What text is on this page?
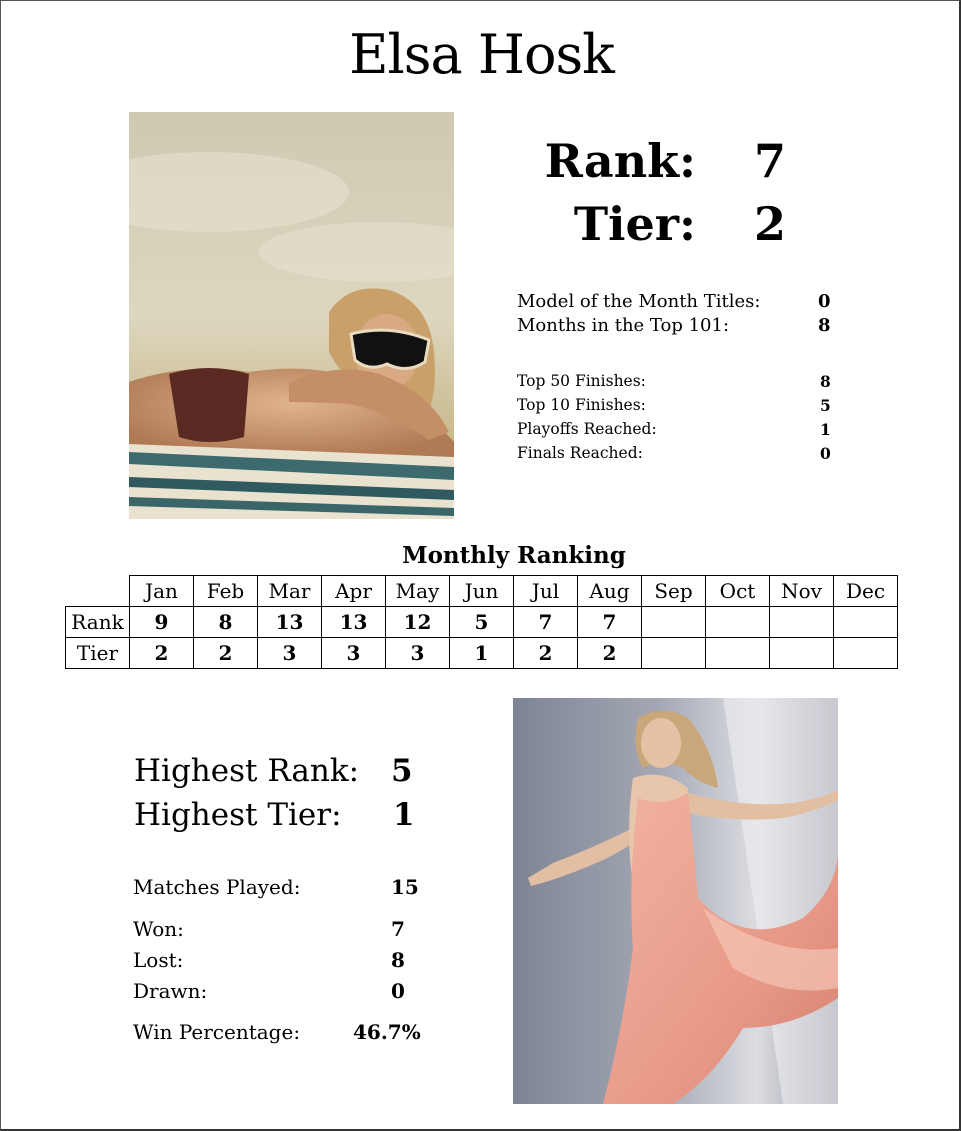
Elsa Hosk
Rank: 7
Tier: 2
Model of the Month Titles:	0
Months in the Top 101:	8
Top 50 Finishes:	8
Top 10 Finishes:	5
Playoffs Reached:	1
Finals Reached:	0
Monthly Ranking
	Jan	Feb	Mar	Apr	May	Jun	Jul	Aug	Sep	Oct	Nov	Dec
Rank	9	8	13	13	12	5	7	7				
Tier	2	2	3	3	3	1	2	2				
Highest Rank: 5
Highest Tier: 1
Matches Played:	15
Won:	7
Lost:	8
Drawn:	0
Win Percentage:	46.7%
